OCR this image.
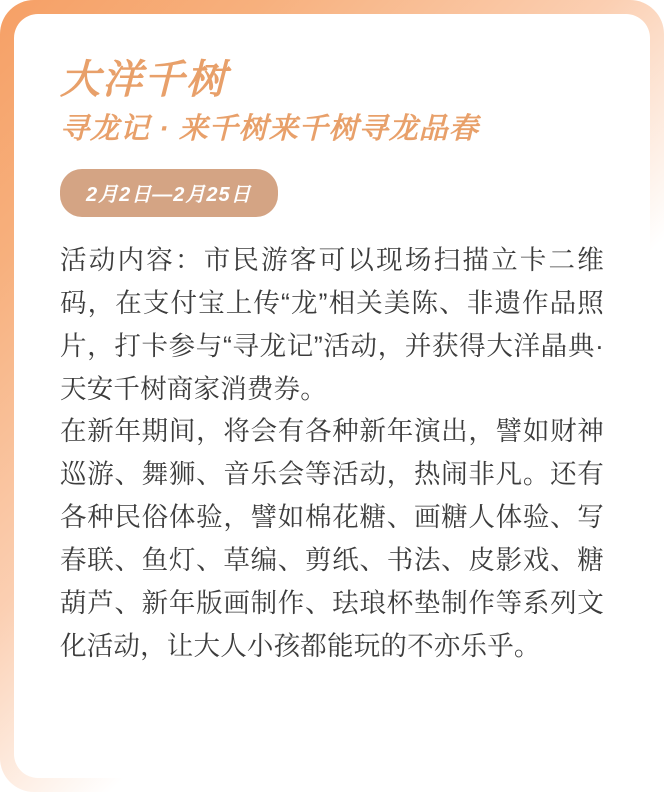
大洋千树
寻龙记 · 来千树来千树寻龙品春
2月2日—2月25日

活动内容：市民游客可以现场扫描立卡二维码，在支付宝上传“龙”相关美陈、非遗作品照片，打卡参与“寻龙记”活动，并获得大洋晶典·天安千树商家消费券。

在新年期间，将会有各种新年演出，譬如财神巡游、舞狮、音乐会等活动，热闹非凡。还有各种民俗体验，譬如棉花糖、画糖人体验、写春联、鱼灯、草编、剪纸、书法、皮影戏、糖葫芦、新年版画制作、珐琅杯垫制作等系列文化活动，让大人小孩都能玩的不亦乐乎。
